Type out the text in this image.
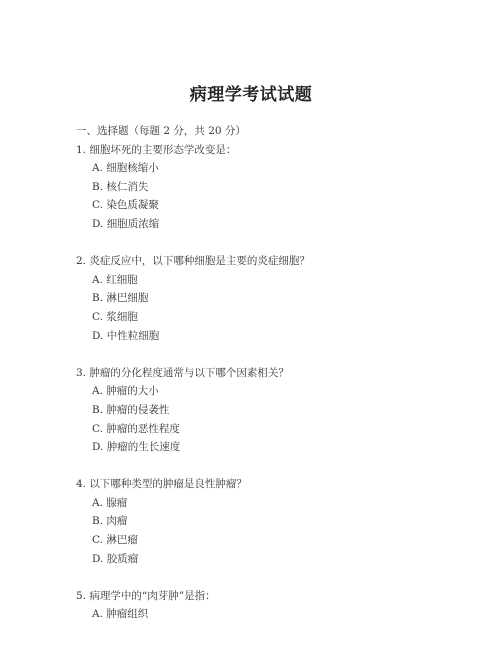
病理学考试试题
一、选择题（每题 2 分，共 20 分）
1. 细胞坏死的主要形态学改变是：
A. 细胞核缩小
B. 核仁消失
C. 染色质凝聚
D. 细胞质浓缩
2. 炎症反应中，以下哪种细胞是主要的炎症细胞？
A. 红细胞
B. 淋巴细胞
C. 浆细胞
D. 中性粒细胞
3. 肿瘤的分化程度通常与以下哪个因素相关？
A. 肿瘤的大小
B. 肿瘤的侵袭性
C. 肿瘤的恶性程度
D. 肿瘤的生长速度
4. 以下哪种类型的肿瘤是良性肿瘤？
A. 腺瘤
B. 肉瘤
C. 淋巴瘤
D. 胶质瘤
5. 病理学中的“肉芽肿”是指：
A. 肿瘤组织
